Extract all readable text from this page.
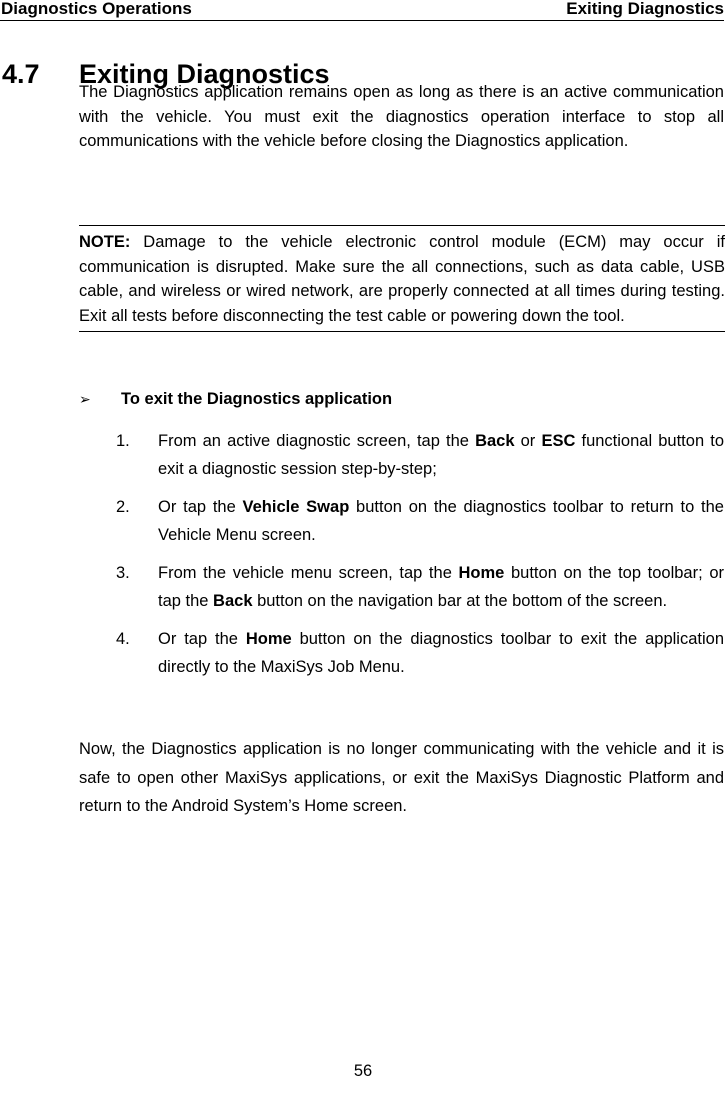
Diagnostics Operations	Exiting Diagnostics
4.7 Exiting Diagnostics
The Diagnostics application remains open as long as there is an active communication with the vehicle. You must exit the diagnostics operation interface to stop all communications with the vehicle before closing the Diagnostics application.
NOTE: Damage to the vehicle electronic control module (ECM) may occur if communication is disrupted. Make sure the all connections, such as data cable, USB cable, and wireless or wired network, are properly connected at all times during testing. Exit all tests before disconnecting the test cable or powering down the tool.
➢ To exit the Diagnostics application
1. From an active diagnostic screen, tap the Back or ESC functional button to exit a diagnostic session step-by-step;
2. Or tap the Vehicle Swap button on the diagnostics toolbar to return to the Vehicle Menu screen.
3. From the vehicle menu screen, tap the Home button on the top toolbar; or tap the Back button on the navigation bar at the bottom of the screen.
4. Or tap the Home button on the diagnostics toolbar to exit the application directly to the MaxiSys Job Menu.
Now, the Diagnostics application is no longer communicating with the vehicle and it is safe to open other MaxiSys applications, or exit the MaxiSys Diagnostic Platform and return to the Android System’s Home screen.
56
